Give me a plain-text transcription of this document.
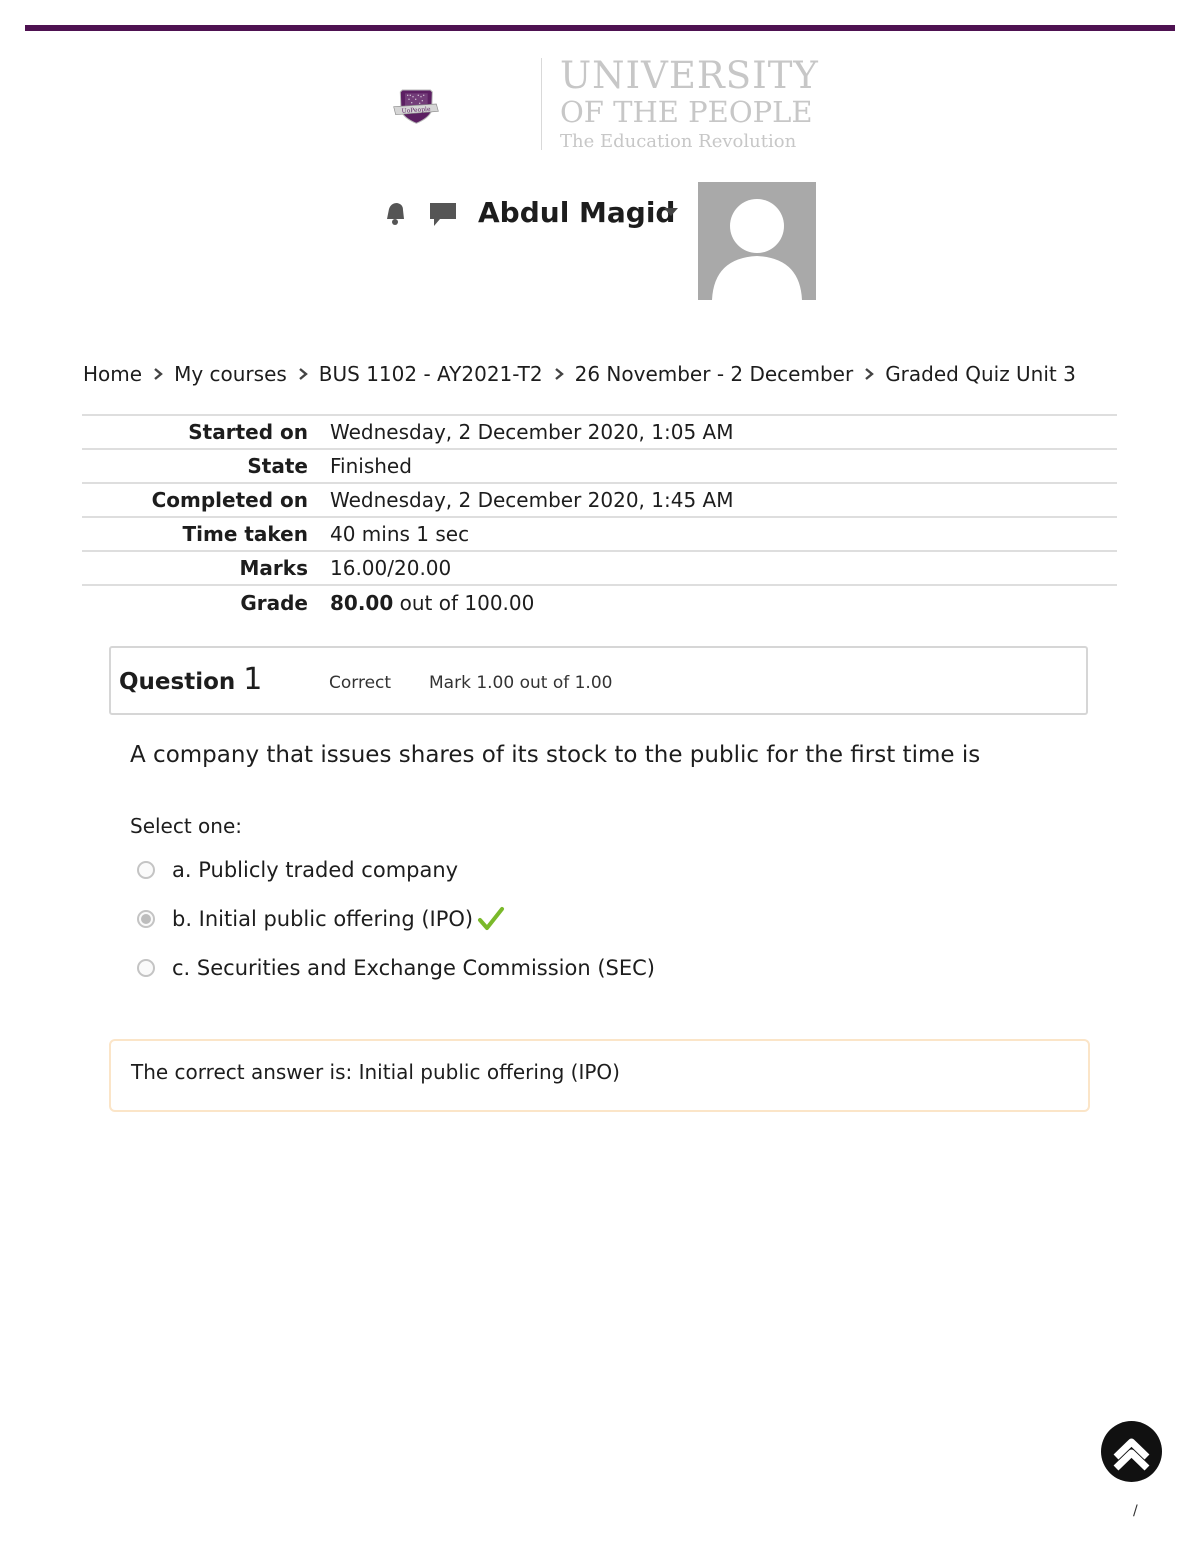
UoPeople
UNIVERSITY
OF THE PEOPLE
The Education Revolution
Abdul Magid
Home My courses BUS 1102 - AY2021-T2 26 November - 2 December Graded Quiz Unit 3
Started on	Wednesday, 2 December 2020, 1:05 AM
State	Finished
Completed on	Wednesday, 2 December 2020, 1:45 AM
Time taken	40 mins 1 sec
Marks	16.00/20.00
Grade	80.00 out of 100.00
Question 1	Correct Mark 1.00 out of 1.00
A company that issues shares of its stock to the public for the first time is
Select one:
a. Publicly traded company
b. Initial public offering (IPO)
c. Securities and Exchange Commission (SEC)
The correct answer is: Initial public offering (IPO)
/
